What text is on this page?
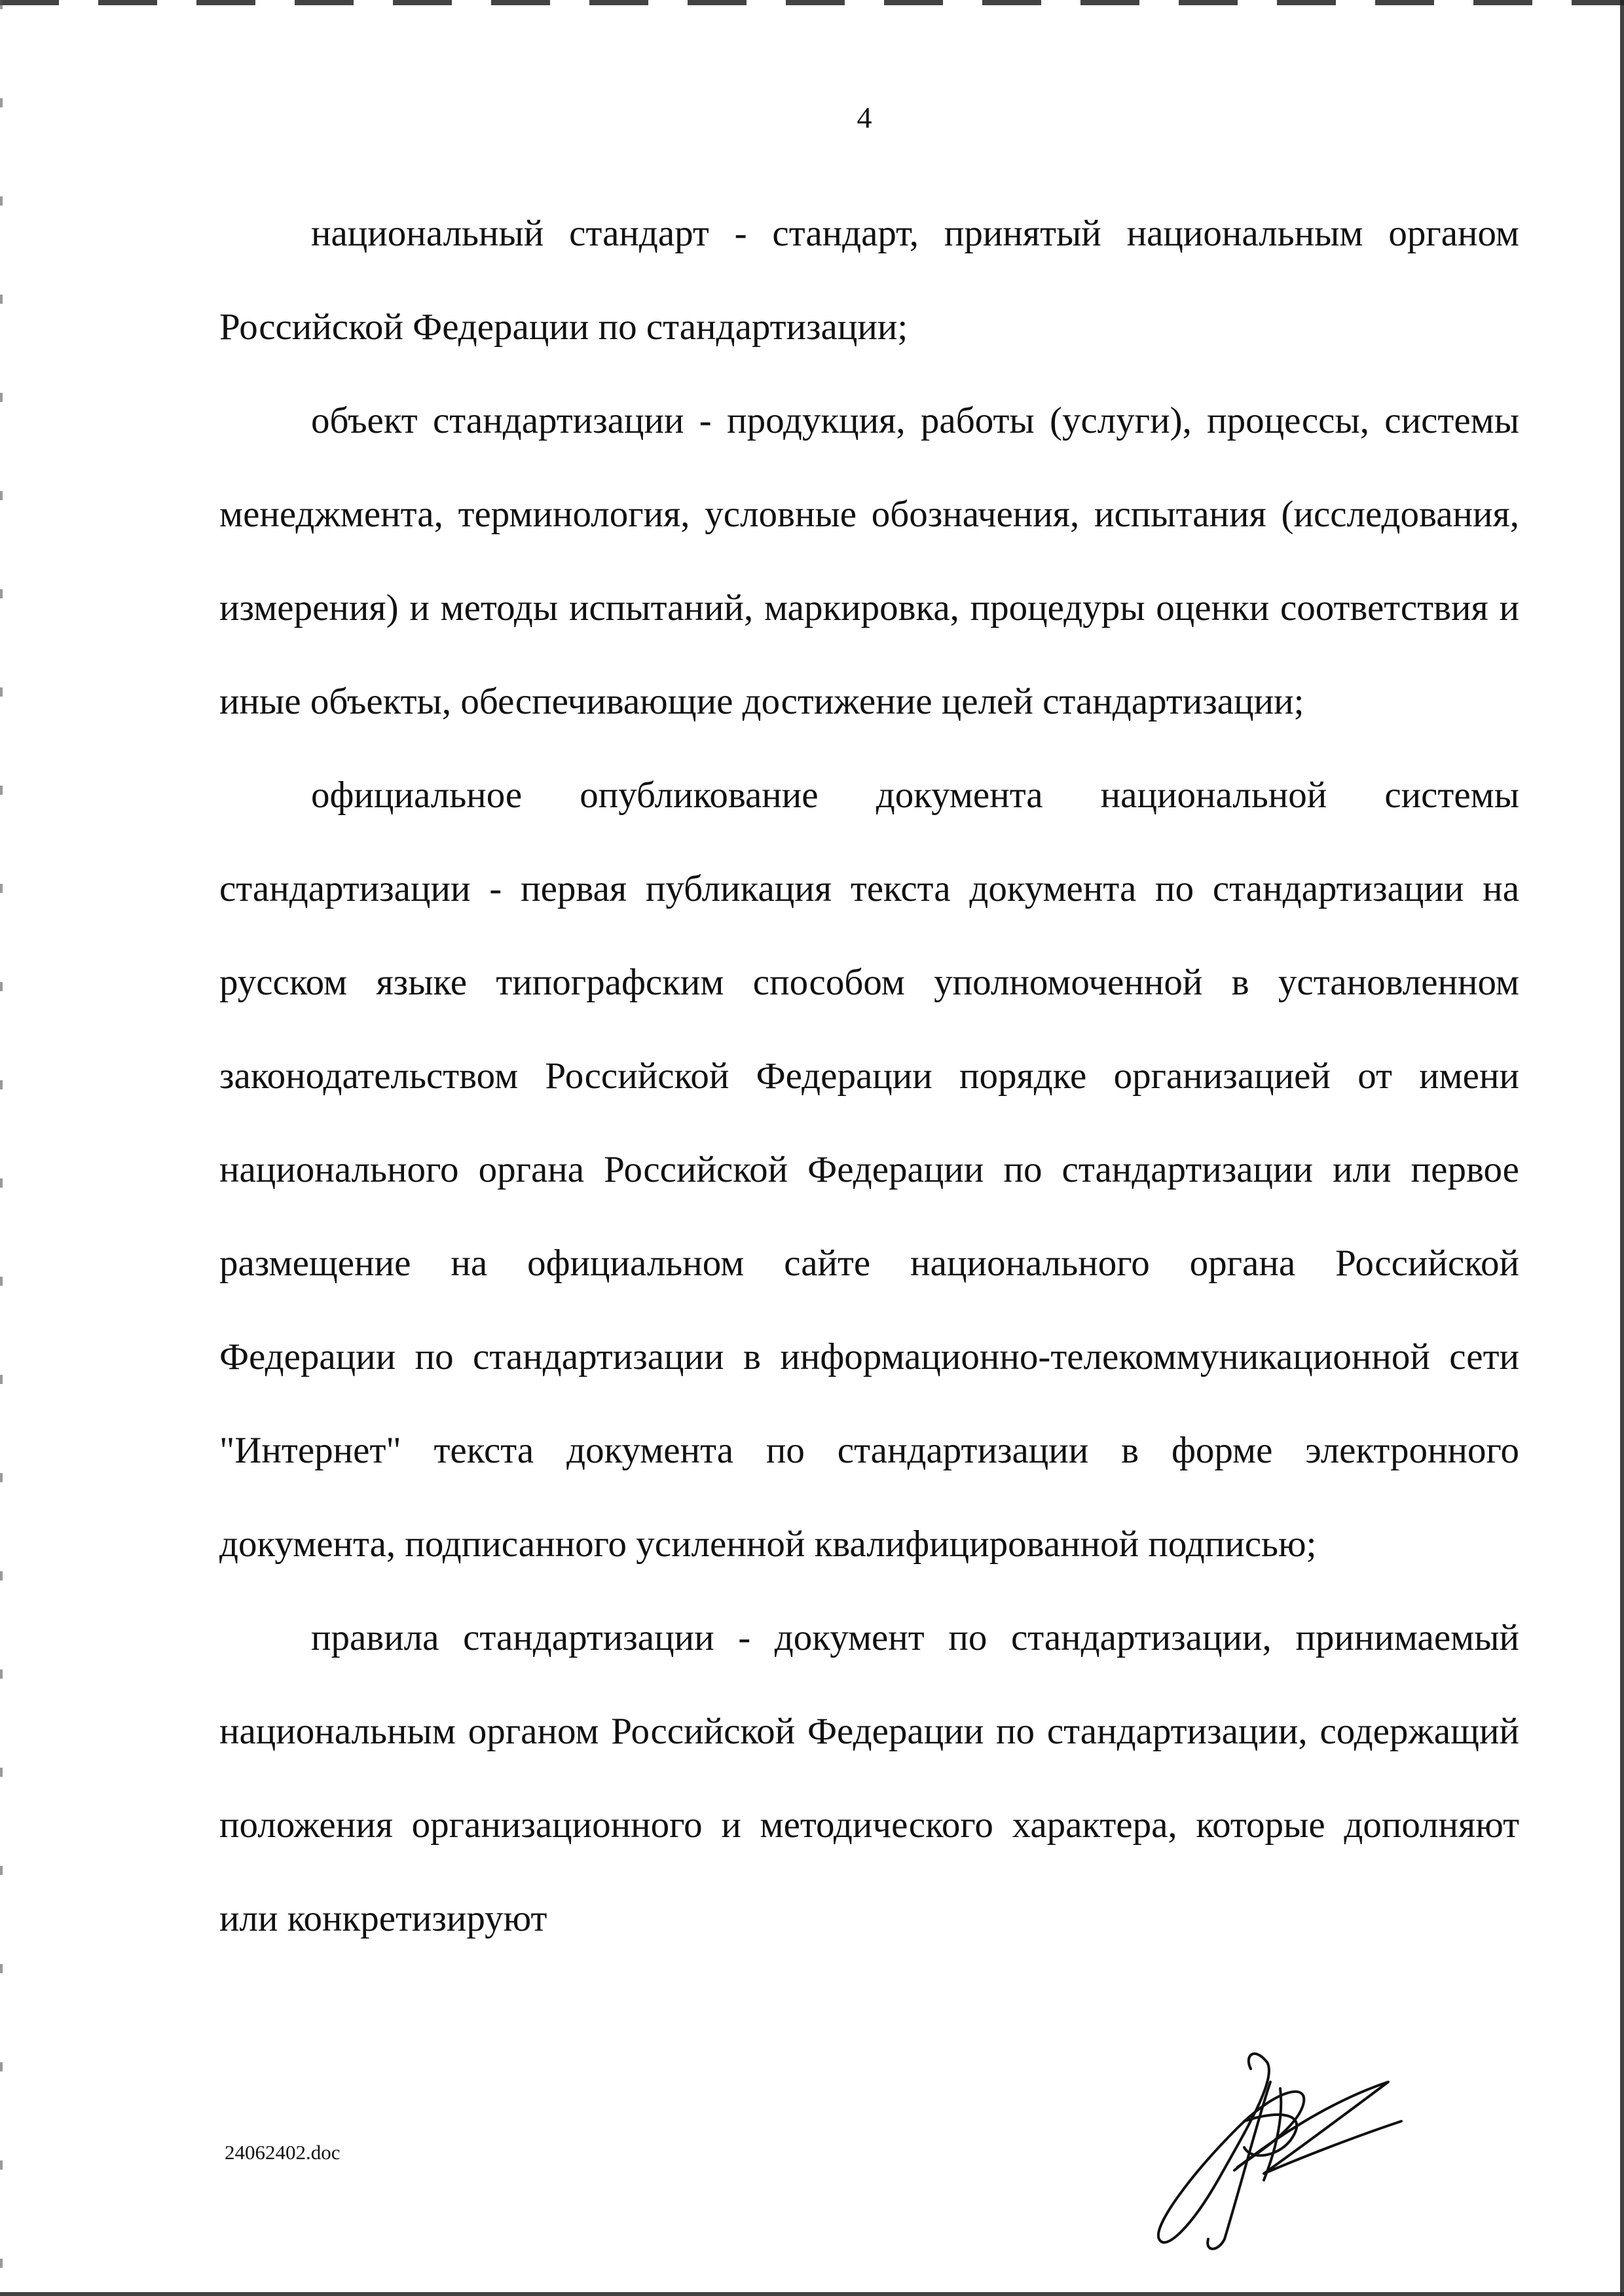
4

национальный стандарт - стандарт, принятый национальным органом Российской Федерации по стандартизации;

объект стандартизации - продукция, работы (услуги), процессы, системы менеджмента, терминология, условные обозначения, испытания (исследования, измерения) и методы испытаний, маркировка, процедуры оценки соответствия и иные объекты, обеспечивающие достижение целей стандартизации;

официальное опубликование документа национальной системы стандартизации - первая публикация текста документа по стандартизации на русском языке типографским способом уполномоченной в установленном законодательством Российской Федерации порядке организацией от имени национального органа Российской Федерации по стандартизации или первое размещение на официальном сайте национального органа Российской Федерации по стандартизации в информационно-телекоммуникационной сети "Интернет" текста документа по стандартизации в форме электронного документа, подписанного усиленной квалифицированной подписью;

правила стандартизации - документ по стандартизации, принимаемый национальным органом Российской Федерации по стандартизации, содержащий положения организационного и методического характера, которые дополняют или конкретизируют

24062402.doc
